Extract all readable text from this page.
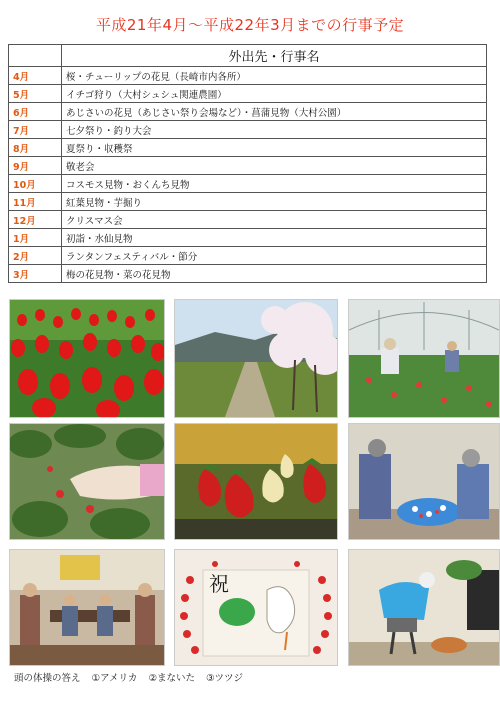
平成21年4月～平成22年3月までの行事予定
	外出先・行事名
4月	桜・チューリップの花見（長崎市内各所）
5月	イチゴ狩り（大村シュシュ関連農園）
6月	あじさいの花見（あじさい祭り会場など）・菖蒲見物（大村公園）
7月	七夕祭り・釣り大会
8月	夏祭り・収穫祭
9月	敬老会
10月	コスモス見物・おくんち見物
11月	紅葉見物・芋掘り
12月	クリスマス会
1月	初詣・水仙見物
2月	ランタンフェスティバル・節分
3月	梅の花見物・菜の花見物
祝
頭の体操の答え ①アメリカ ②まないた ③ツツジ
